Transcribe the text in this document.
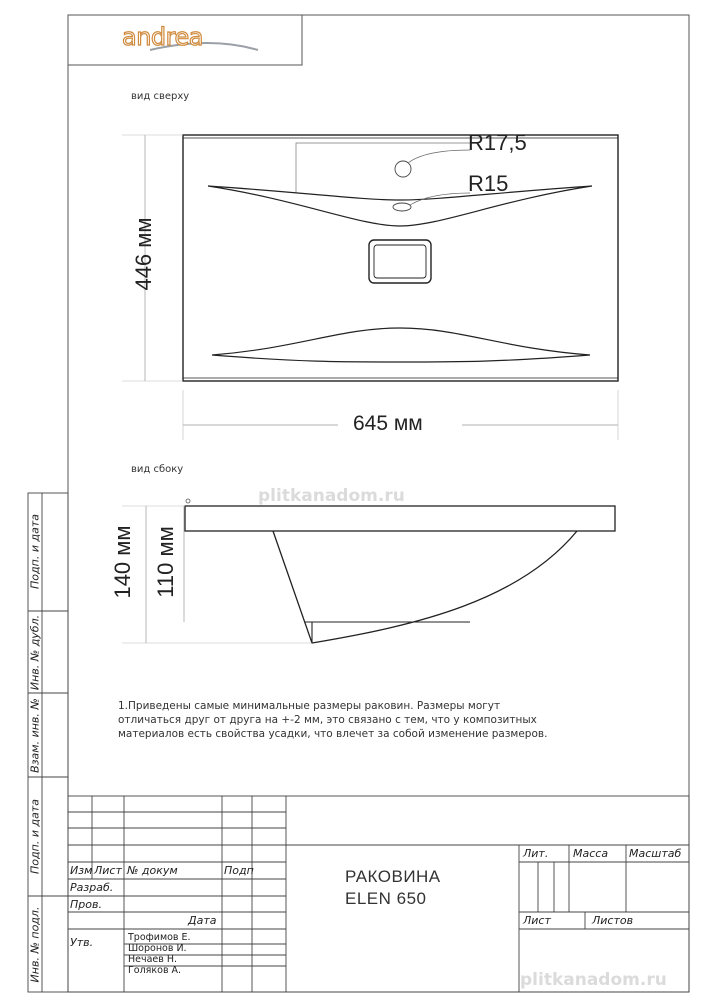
andrea
вид сверху
вид сбоку
R17,5
R15
645 мм
446 мм
140 мм 110 мм
1.Приведены самые минимальные размеры раковин. Размеры могут
отличаться друг от друга на +-2 мм, это связано с тем, что у композитных
материалов есть свойства усадки, что влечет за собой изменение размеров.
Подп. и дата
Инв. № дубл.
Взам. инв. №
Подп. и дата
Инв. № подл.
Изм Лист № докум	Подп
Дата
Разраб.
Пров.
Утв.	Трофимов Е.
Шоронов И.
Нечаев Н.
Голяков А.
РАКОВИНА
ELEN 650
Лит. Масса Масштаб
Лист	Листов
plitkanadom.ru
plitkanadom.ru
